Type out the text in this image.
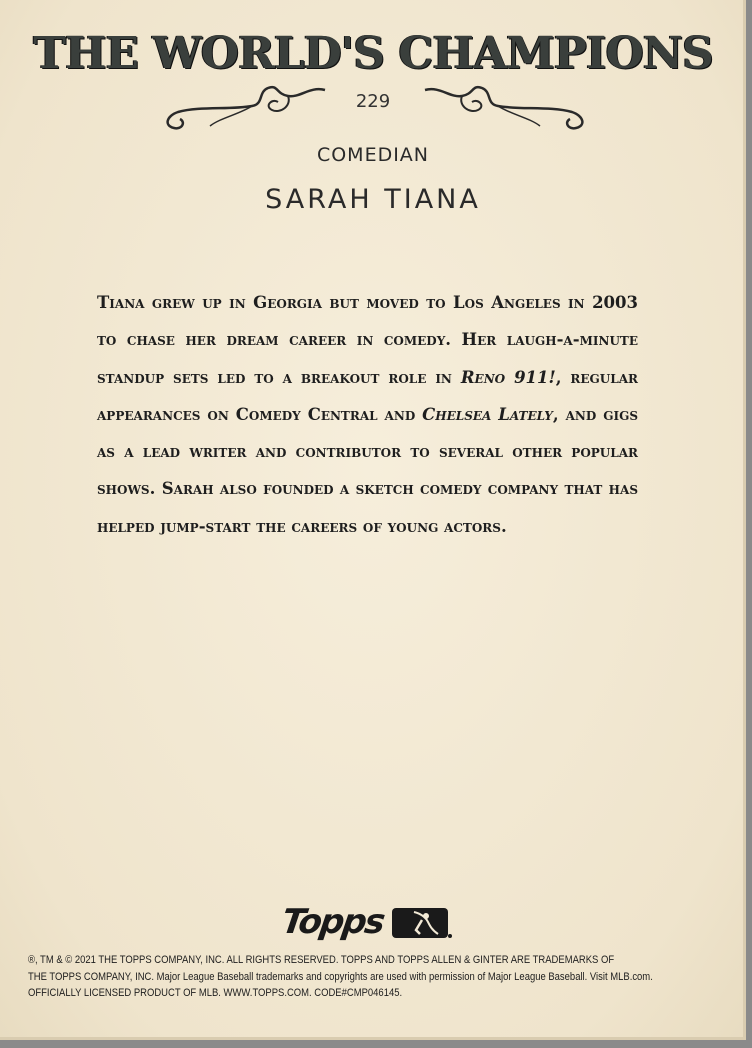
THE WORLD'S CHAMPIONS
229
COMEDIAN
SARAH TIANA
Tiana grew up in Georgia but moved to Los Angeles in 2003 to chase her dream career in comedy. Her laugh-a-minute standup sets led to a breakout role in Reno 911!, regular appearances on Comedy Central and Chelsea Lately, and gigs as a lead writer and contributor to several other popular shows. Sarah also founded a sketch comedy company that has helped jump-start the careers of young actors.
Topps
®, TM & © 2021 THE TOPPS COMPANY, INC. ALL RIGHTS RESERVED. TOPPS AND TOPPS ALLEN & GINTER ARE TRADEMARKS OF
THE TOPPS COMPANY, INC. Major League Baseball trademarks and copyrights are used with permission of Major League Baseball. Visit MLB.com.
OFFICIALLY LICENSED PRODUCT OF MLB. WWW.TOPPS.COM. CODE#CMP046145.
